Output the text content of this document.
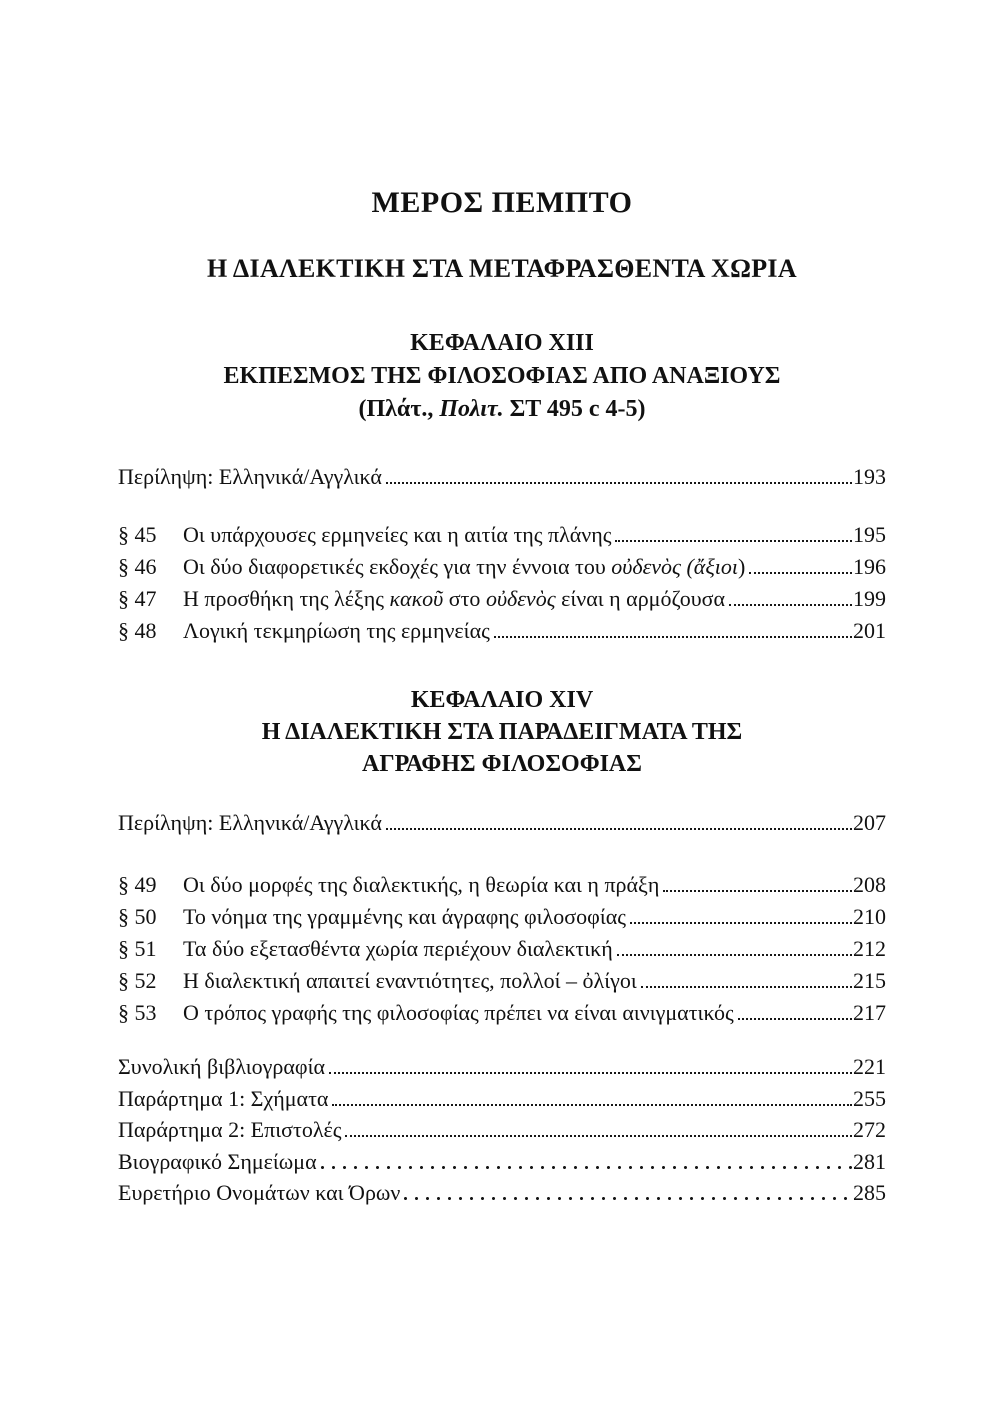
ΜΕΡΟΣ ΠΕΜΠΤΟ
Η ΔΙΑΛΕΚΤΙΚΗ ΣΤΑ ΜΕΤΑΦΡΑΣΘΕΝΤΑ ΧΩΡΙΑ
ΚΕΦΑΛΑΙΟ XIII
ΕΚΠΕΣΜΟΣ ΤΗΣ ΦΙΛΟΣΟΦΙΑΣ ΑΠΟ ΑΝΑΞΙΟΥΣ
(Πλάτ., Πολιτ. ΣΤ 495 c 4-5)
Περίληψη: Ελληνικά/Αγγλικά	193
§ 45	Οι υπάρχουσες ερμηνείες και η αιτία της πλάνης	195
§ 46	Οι δύο διαφορετικές εκδοχές για την έννοια του οὐδενὸς (ἄξιοι)	196
§ 47	Η προσθήκη της λέξης κακοῦ στο οὐδενὸς είναι η αρμόζουσα	199
§ 48	Λογική τεκμηρίωση της ερμηνείας	201
ΚΕΦΑΛΑΙΟ XIV
Η ΔΙΑΛΕΚΤΙΚΗ ΣΤΑ ΠΑΡΑΔΕΙΓΜΑΤΑ ΤΗΣ
ΑΓΡΑΦΗΣ ΦΙΛΟΣΟΦΙΑΣ
Περίληψη: Ελληνικά/Αγγλικά	207
§ 49	Οι δύο μορφές της διαλεκτικής, η θεωρία και η πράξη	208
§ 50	Το νόημα της γραμμένης και άγραφης φιλοσοφίας	210
§ 51	Τα δύο εξετασθέντα χωρία περιέχουν διαλεκτική	212
§ 52	Η διαλεκτική απαιτεί εναντιότητες, πολλοί – ὀλίγοι	215
§ 53	Ο τρόπος γραφής της φιλοσοφίας πρέπει να είναι αινιγματικός	217
Συνολική βιβλιογραφία	221
Παράρτημα 1: Σχήματα	255
Παράρτημα 2: Επιστολές	272
Βιογραφικό Σημείωμα	281
Ευρετήριο Ονομάτων και Όρων	285
